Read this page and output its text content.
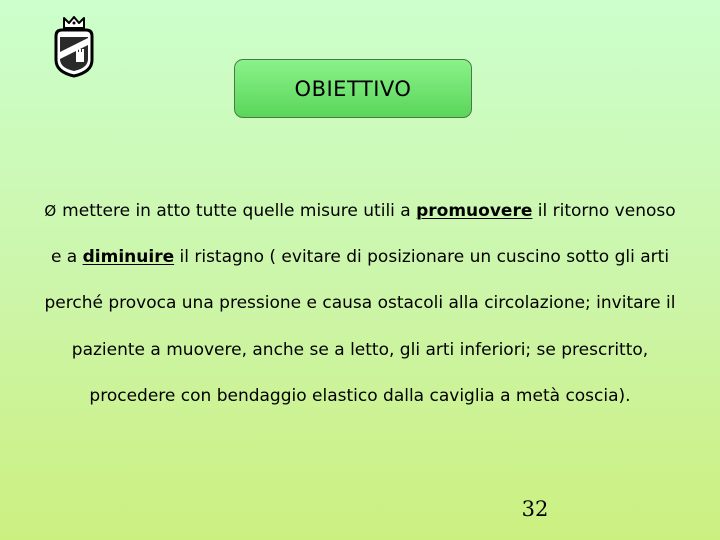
OBIETTIVO
Ø mettere in atto tutte quelle misure utili a promuovere il ritorno venoso e a diminuire il ristagno ( evitare di posizionare un cuscino sotto gli arti perché provoca una pressione e causa ostacoli alla circolazione; invitare il paziente a muovere, anche se a letto, gli arti inferiori; se prescritto, procedere con bendaggio elastico dalla caviglia a metà coscia).
32
